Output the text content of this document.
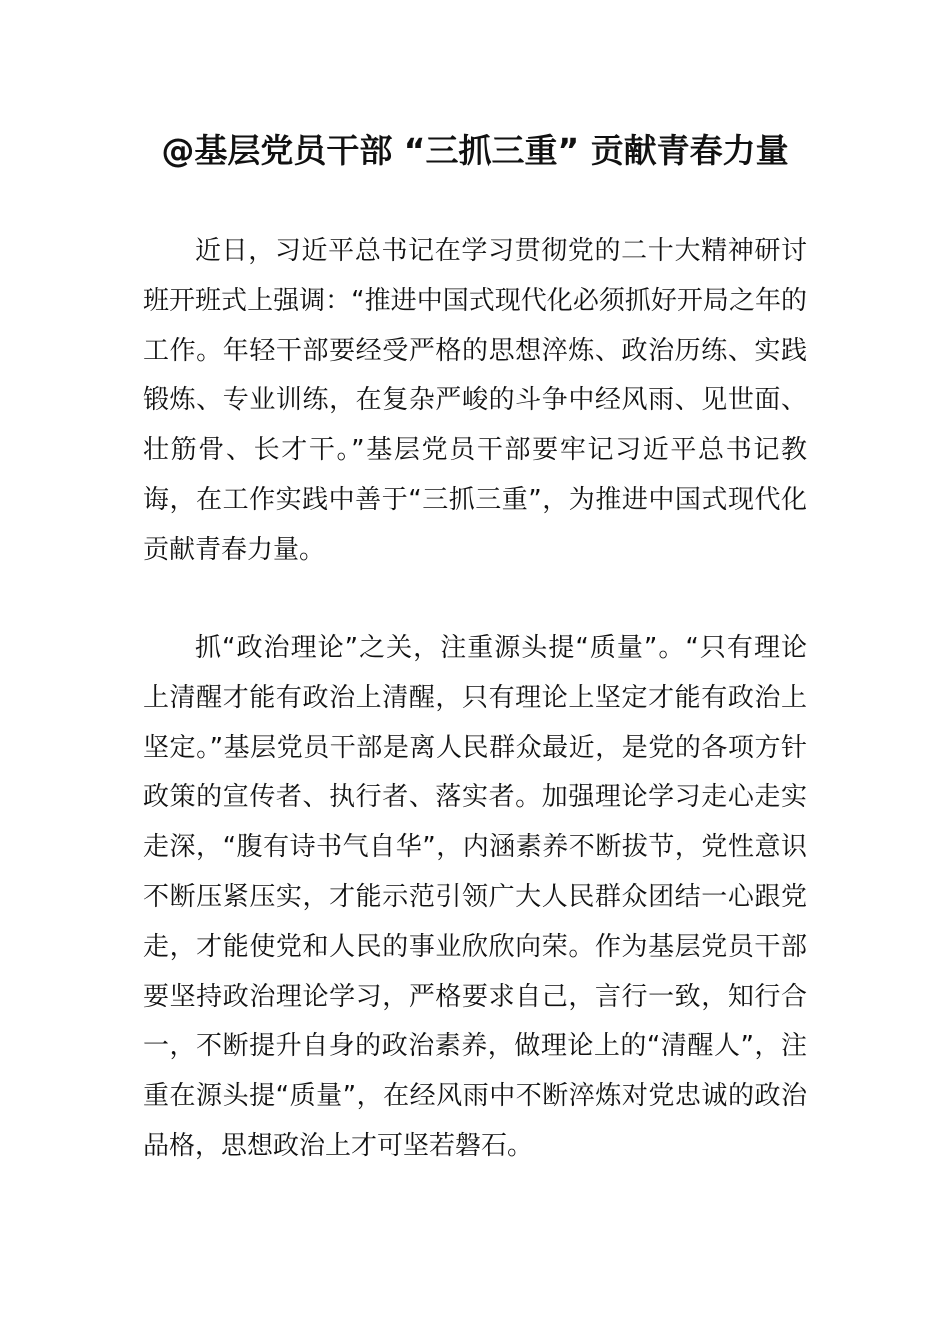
@基层党员干部 “三抓三重” 贡献青春力量

近日，习近平总书记在学习贯彻党的二十大精神研讨班开班式上强调：“推进中国式现代化必须抓好开局之年的工作。年轻干部要经受严格的思想淬炼、政治历练、实践锻炼、专业训练，在复杂严峻的斗争中经风雨、见世面、壮筋骨、长才干。”基层党员干部要牢记习近平总书记教诲，在工作实践中善于“三抓三重”，为推进中国式现代化贡献青春力量。

抓“政治理论”之关，注重源头提“质量”。“只有理论上清醒才能有政治上清醒，只有理论上坚定才能有政治上坚定。”基层党员干部是离人民群众最近，是党的各项方针政策的宣传者、执行者、落实者。加强理论学习走心走实走深，“腹有诗书气自华”，内涵素养不断拔节，党性意识不断压紧压实，才能示范引领广大人民群众团结一心跟党走，才能使党和人民的事业欣欣向荣。作为基层党员干部要坚持政治理论学习，严格要求自己，言行一致，知行合一，不断提升自身的政治素养，做理论上的“清醒人”，注重在源头提“质量”，在经风雨中不断淬炼对党忠诚的政治品格，思想政治上才可坚若磐石。
